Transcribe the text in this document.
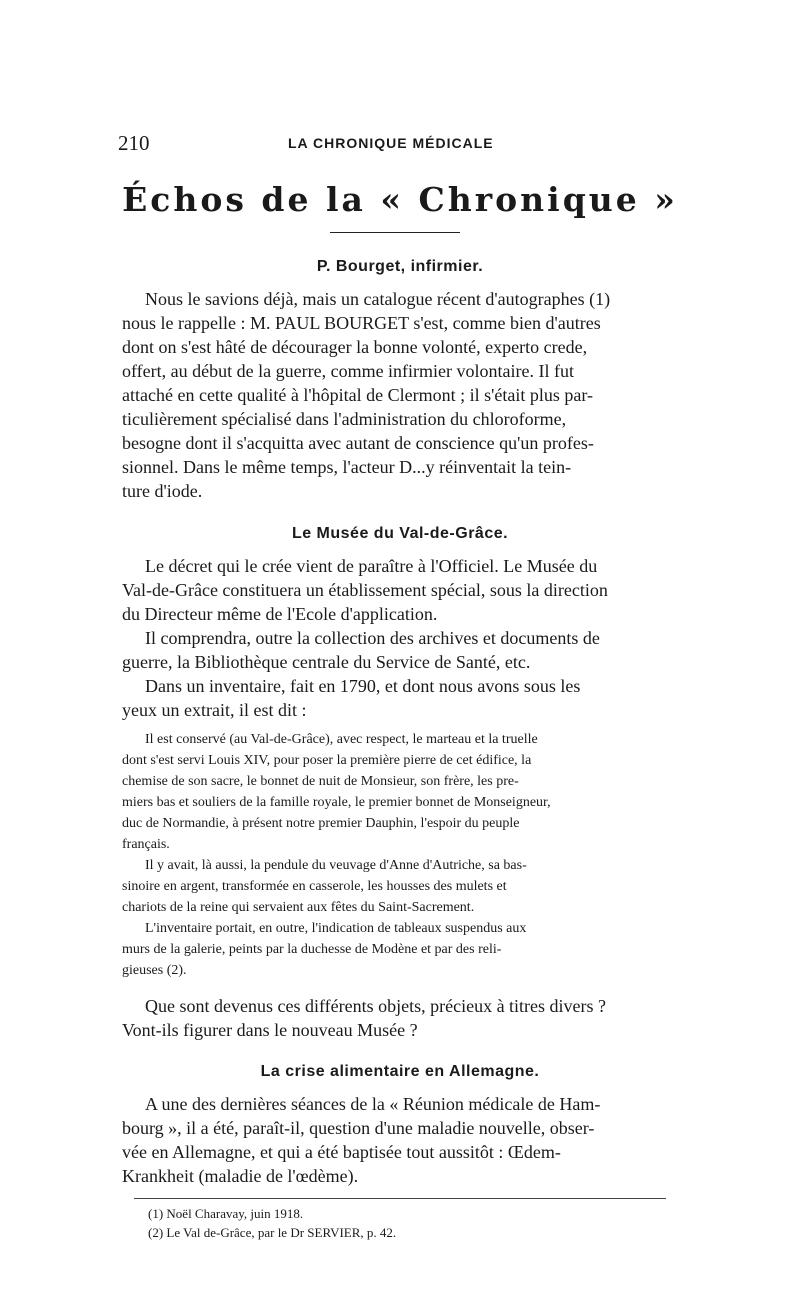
210	LA CHRONIQUE MÉDICALE
Échos de la « Chronique »
P. Bourget, infirmier.

Nous le savions déjà, mais un catalogue récent d'autographes (1)

nous le rappelle : M. PAUL BOURGET s'est, comme bien d'autres

dont on s'est hâté de décourager la bonne volonté, experto crede,

offert, au début de la guerre, comme infirmier volontaire. Il fut

attaché en cette qualité à l'hôpital de Clermont ; il s'était plus par-

ticulièrement spécialisé dans l'administration du chloroforme,

besogne dont il s'acquitta avec autant de conscience qu'un profes-

sionnel. Dans le même temps, l'acteur D...y réinventait la tein-

ture d'iode.

Le Musée du Val-de-Grâce.

Le décret qui le crée vient de paraître à l'Officiel. Le Musée du

Val-de-Grâce constituera un établissement spécial, sous la direction

du Directeur même de l'Ecole d'application.

Il comprendra, outre la collection des archives et documents de

guerre, la Bibliothèque centrale du Service de Santé, etc.

Dans un inventaire, fait en 1790, et dont nous avons sous les

yeux un extrait, il est dit :

Il est conservé (au Val-de-Grâce), avec respect, le marteau et la truelle

dont s'est servi Louis XIV, pour poser la première pierre de cet édifice, la

chemise de son sacre, le bonnet de nuit de Monsieur, son frère, les pre-

miers bas et souliers de la famille royale, le premier bonnet de Monseigneur,

duc de Normandie, à présent notre premier Dauphin, l'espoir du peuple

français.

Il y avait, là aussi, la pendule du veuvage d'Anne d'Autriche, sa bas-

sinoire en argent, transformée en casserole, les housses des mulets et

chariots de la reine qui servaient aux fêtes du Saint-Sacrement.

L'inventaire portait, en outre, l'indication de tableaux suspendus aux

murs de la galerie, peints par la duchesse de Modène et par des reli-

gieuses (2).

Que sont devenus ces différents objets, précieux à titres divers ?

Vont-ils figurer dans le nouveau Musée ?

La crise alimentaire en Allemagne.

A une des dernières séances de la « Réunion médicale de Ham-

bourg », il a été, paraît-il, question d'une maladie nouvelle, obser-

vée en Allemagne, et qui a été baptisée tout aussitôt : Œdem-

Krankheit (maladie de l'œdème).

(1) Noël Charavay, juin 1918.

(2) Le Val de-Grâce, par le Dr SERVIER, p. 42.
